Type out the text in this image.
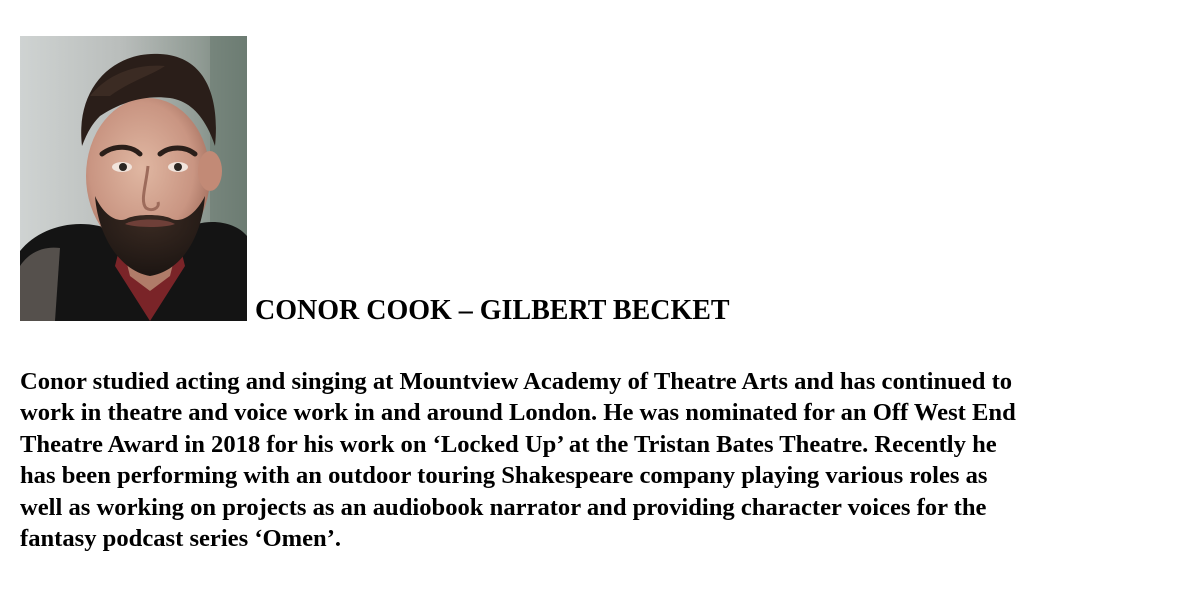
CONOR COOK – GILBERT BECKET

Conor studied acting and singing at Mountview Academy of Theatre Arts and has continued to
work in theatre and voice work in and around London. He was nominated for an Off West End
Theatre Award in 2018 for his work on ‘Locked Up’ at the Tristan Bates Theatre. Recently he
has been performing with an outdoor touring Shakespeare company playing various roles as
well as working on projects as an audiobook narrator and providing character voices for the
fantasy podcast series ‘Omen’.
